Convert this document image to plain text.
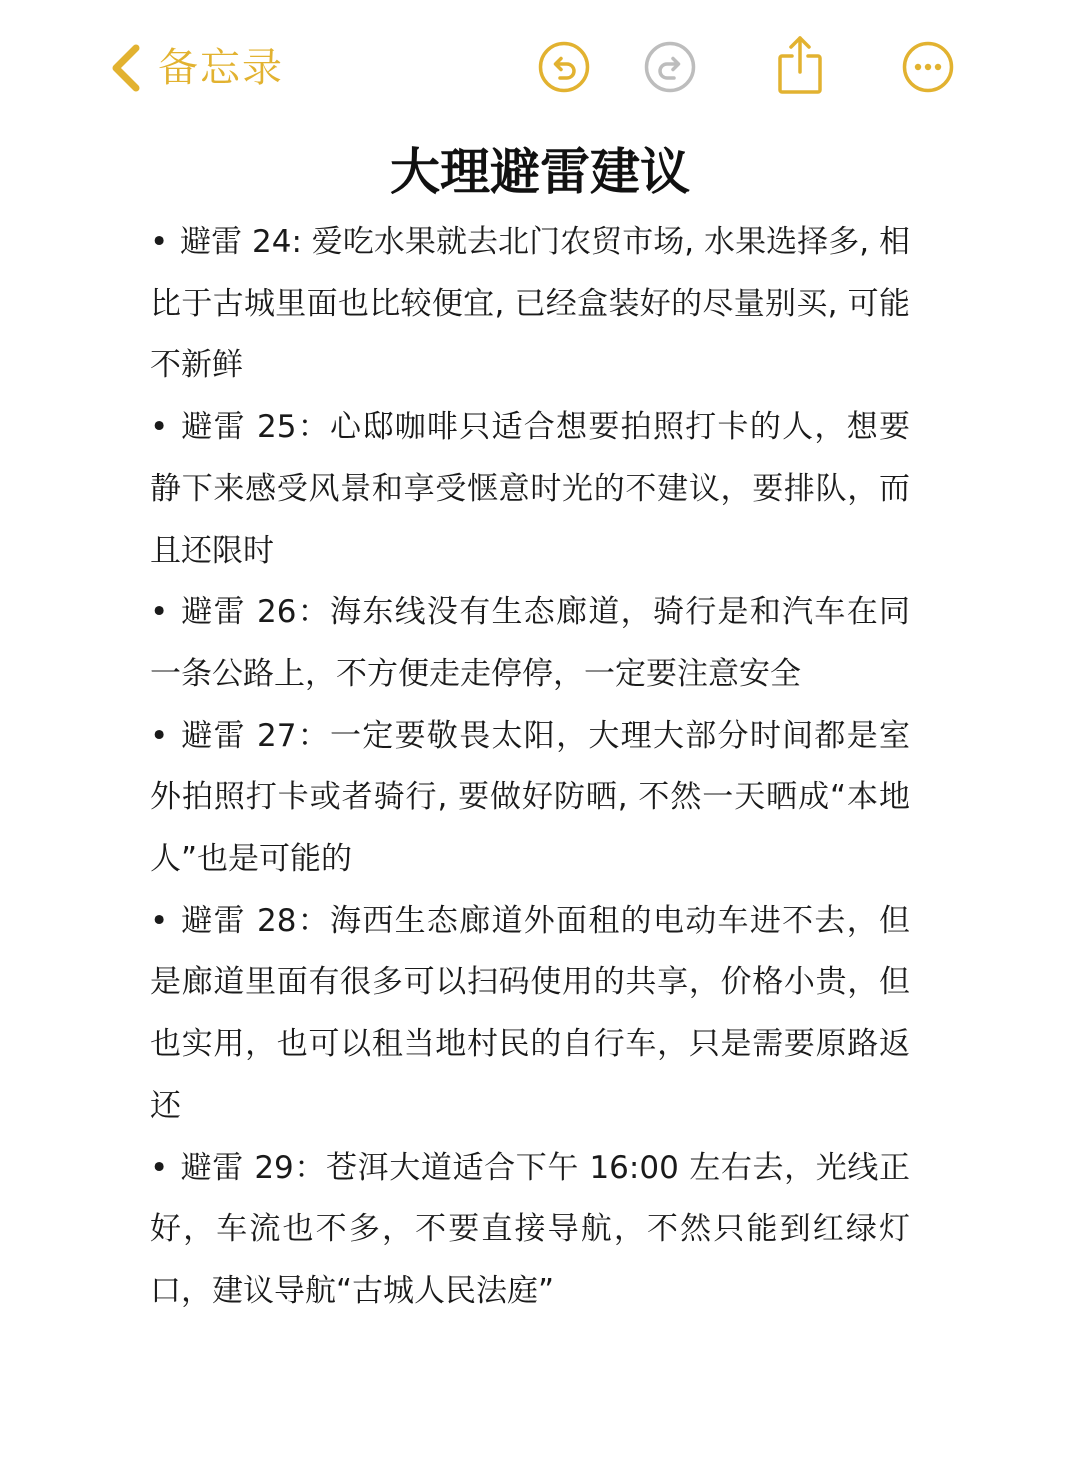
备忘录
大理避雷建议

• 避雷 24: 爱吃水果就去北门农贸市场, 水果选择多, 相比于古城里面也比较便宜, 已经盒装好的尽量别买, 可能不新鲜

• 避雷 25：心邸咖啡只适合想要拍照打卡的人，想要静下来感受风景和享受惬意时光的不建议，要排队，而且还限时

• 避雷 26：海东线没有生态廊道，骑行是和汽车在同一条公路上，不方便走走停停，一定要注意安全

• 避雷 27：一定要敬畏太阳，大理大部分时间都是室外拍照打卡或者骑行, 要做好防晒, 不然一天晒成“本地人”也是可能的

• 避雷 28：海西生态廊道外面租的电动车进不去，但是廊道里面有很多可以扫码使用的共享，价格小贵，但也实用，也可以租当地村民的自行车，只是需要原路返还

• 避雷 29：苍洱大道适合下午 16:00 左右去，光线正好，车流也不多，不要直接导航，不然只能到红绿灯口，建议导航“古城人民法庭”
